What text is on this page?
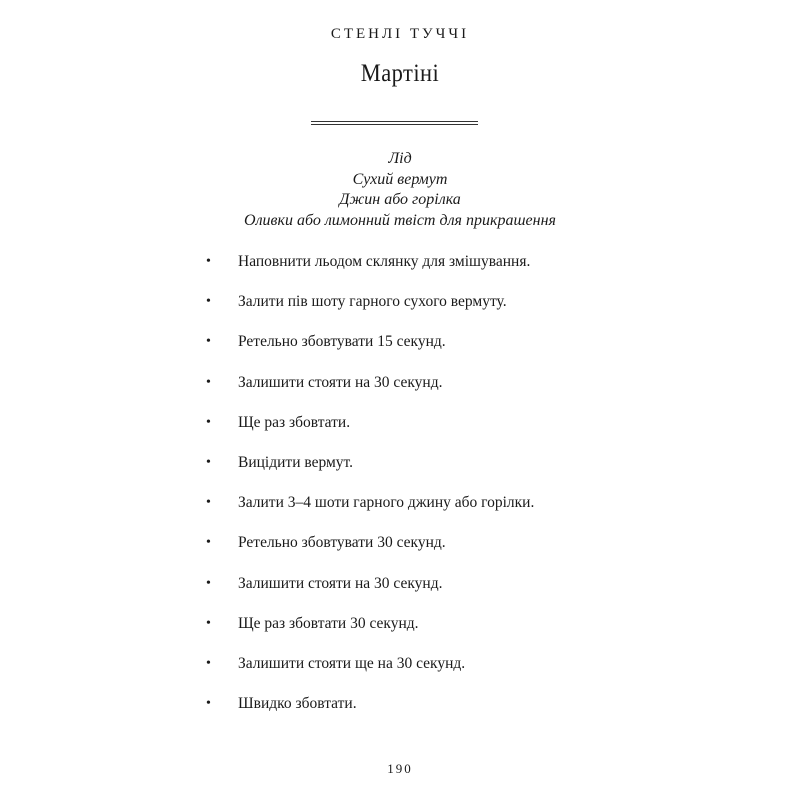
СТЕНЛІ ТУЧЧІ
Мартіні
Лід
Сухий вермут
Джин або горілка
Оливки або лимонний твіст для прикрашення
• Наповнити льодом склянку для змішування.
• Залити пів шоту гарного сухого вермуту.
• Ретельно збовтувати 15 секунд.
• Залишити стояти на 30 секунд.
• Ще раз збовтати.
• Вицідити вермут.
• Залити 3–4 шоти гарного джину або горілки.
• Ретельно збовтувати 30 секунд.
• Залишити стояти на 30 секунд.
• Ще раз збовтати 30 секунд.
• Залишити стояти ще на 30 секунд.
• Швидко збовтати.
190
